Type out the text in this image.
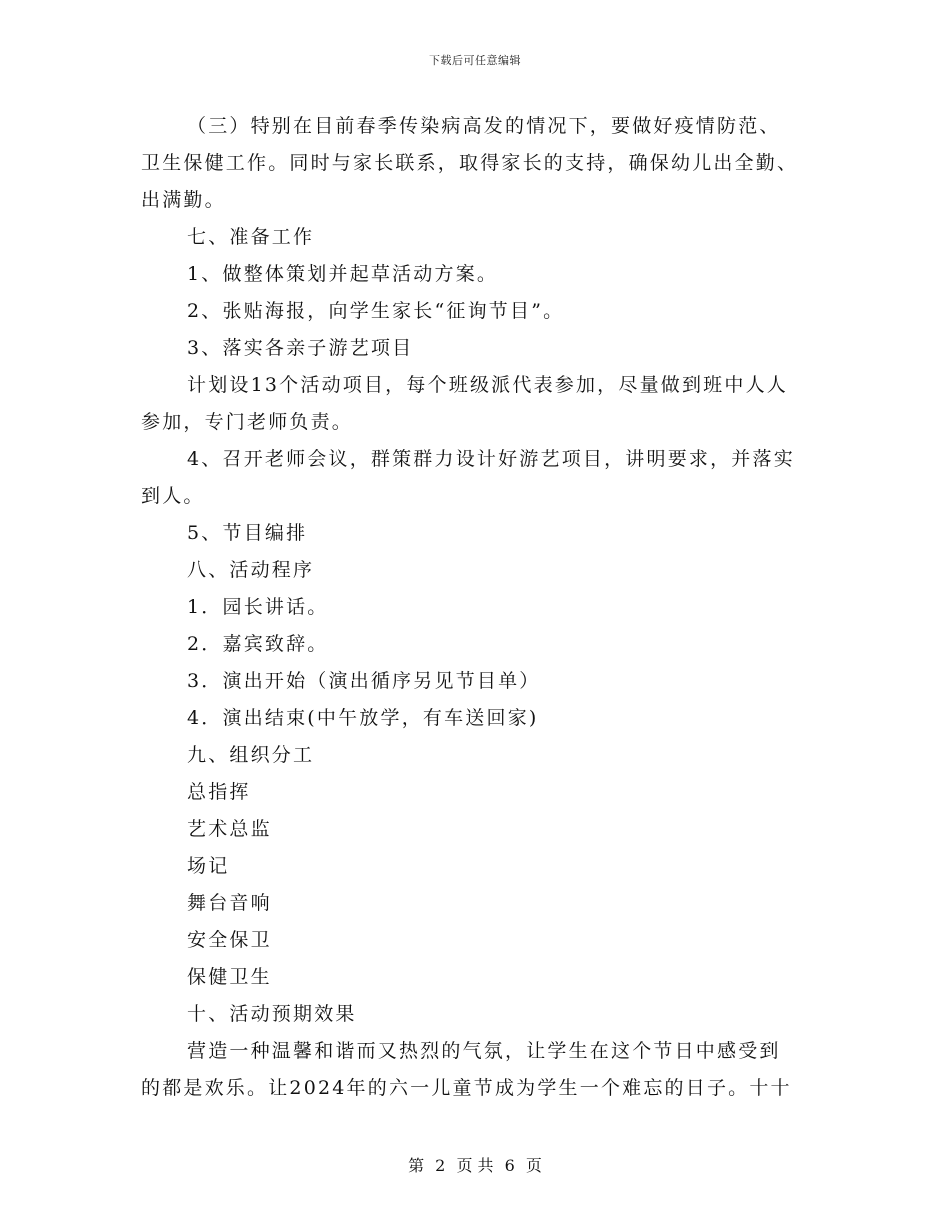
下载后可任意编辑
（三）特别在目前春季传染病高发的情况下，要做好疫情防范、
卫生保健工作。同时与家长联系，取得家长的支持，确保幼儿出全勤、
出满勤。
七、准备工作
1、做整体策划并起草活动方案。
2、张贴海报，向学生家长“征询节目”。
3、落实各亲子游艺项目
计划设13个活动项目，每个班级派代表参加，尽量做到班中人人
参加，专门老师负责。
4、召开老师会议，群策群力设计好游艺项目，讲明要求，并落实
到人。
5、节目编排
八、活动程序
1．园长讲话。
2．嘉宾致辞。
3．演出开始（演出循序另见节目单）
4．演出结束(中午放学，有车送回家)
九、组织分工
总指挥
艺术总监
场记
舞台音响
安全保卫
保健卫生
十、活动预期效果
营造一种温馨和谐而又热烈的气氛，让学生在这个节日中感受到
的都是欢乐。让2024年的六一儿童节成为学生一个难忘的日子。十十
第 2 页 共 6 页
